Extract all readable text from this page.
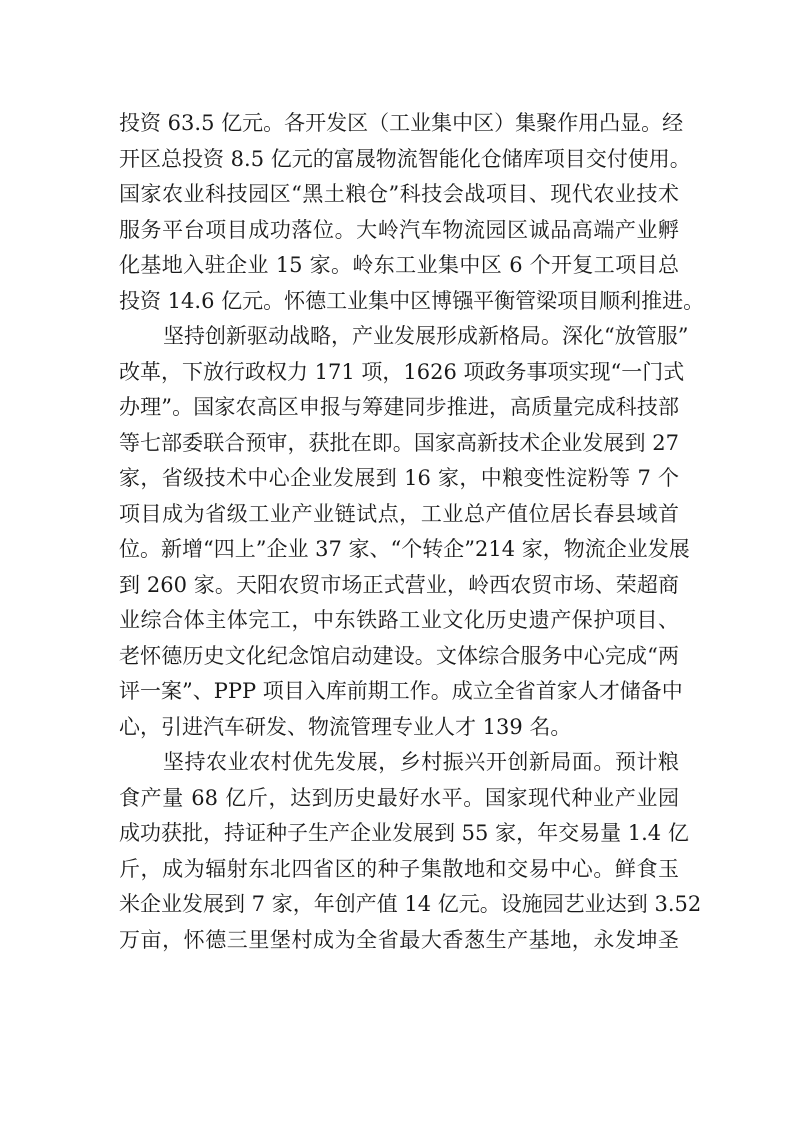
投资 63.5 亿元。各开发区（工业集中区）集聚作用凸显。经
开区总投资 8.5 亿元的富晟物流智能化仓储库项目交付使用。
国家农业科技园区“黑土粮仓”科技会战项目、现代农业技术
服务平台项目成功落位。大岭汽车物流园区诚品高端产业孵
化基地入驻企业 15 家。岭东工业集中区 6 个开复工项目总
投资 14.6 亿元。怀德工业集中区博镪平衡管梁项目顺利推进。
坚持创新驱动战略，产业发展形成新格局。深化“放管服”
改革，下放行政权力 171 项，1626 项政务事项实现“一门式
办理”。国家农高区申报与筹建同步推进，高质量完成科技部
等七部委联合预审，获批在即。国家高新技术企业发展到 27
家，省级技术中心企业发展到 16 家，中粮变性淀粉等 7 个
项目成为省级工业产业链试点，工业总产值位居长春县域首
位。新增“四上”企业 37 家、“个转企”214 家，物流企业发展
到 260 家。天阳农贸市场正式营业，岭西农贸市场、荣超商
业综合体主体完工，中东铁路工业文化历史遗产保护项目、
老怀德历史文化纪念馆启动建设。文体综合服务中心完成“两
评一案”、PPP 项目入库前期工作。成立全省首家人才储备中
心，引进汽车研发、物流管理专业人才 139 名。
坚持农业农村优先发展，乡村振兴开创新局面。预计粮
食产量 68 亿斤，达到历史最好水平。国家现代种业产业园
成功获批，持证种子生产企业发展到 55 家，年交易量 1.4 亿
斤，成为辐射东北四省区的种子集散地和交易中心。鲜食玉
米企业发展到 7 家，年创产值 14 亿元。设施园艺业达到 3.52
万亩，怀德三里堡村成为全省最大香葱生产基地，永发坤圣
